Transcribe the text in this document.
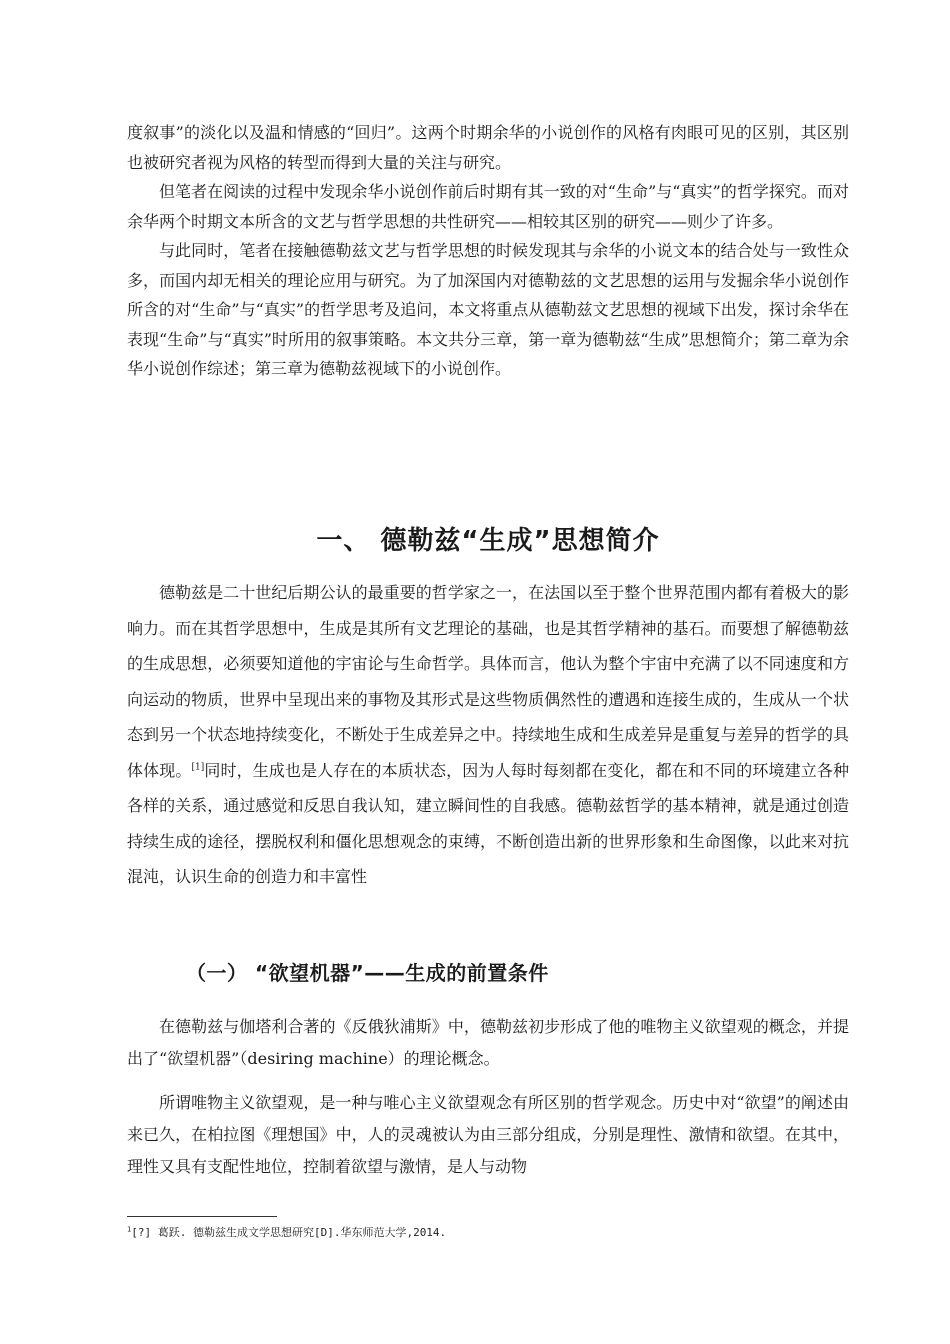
度叙事”的淡化以及温和情感的“回归”。这两个时期余华的小说创作的风格有肉眼可见的区别，其区别也被研究者视为风格的转型而得到大量的关注与研究。

但笔者在阅读的过程中发现余华小说创作前后时期有其一致的对“生命”与“真实”的哲学探究。而对余华两个时期文本所含的文艺与哲学思想的共性研究——相较其区别的研究——则少了许多。

与此同时，笔者在接触德勒兹文艺与哲学思想的时候发现其与余华的小说文本的结合处与一致性众多，而国内却无相关的理论应用与研究。为了加深国内对德勒兹的文艺思想的运用与发掘余华小说创作所含的对“生命”与“真实”的哲学思考及追问，本文将重点从德勒兹文艺思想的视域下出发，探讨余华在表现“生命”与“真实”时所用的叙事策略。本文共分三章，第一章为德勒兹“生成”思想简介；第二章为余华小说创作综述；第三章为德勒兹视域下的小说创作。

一、 德勒兹“生成”思想简介

德勒兹是二十世纪后期公认的最重要的哲学家之一，在法国以至于整个世界范围内都有着极大的影响力。而在其哲学思想中，生成是其所有文艺理论的基础，也是其哲学精神的基石。而要想了解德勒兹的生成思想，必须要知道他的宇宙论与生命哲学。具体而言，他认为整个宇宙中充满了以不同速度和方向运动的物质，世界中呈现出来的事物及其形式是这些物质偶然性的遭遇和连接生成的，生成从一个状态到另一个状态地持续变化，不断处于生成差异之中。持续地生成和生成差异是重复与差异的哲学的具体体现。[1]同时，生成也是人存在的本质状态，因为人每时每刻都在变化，都在和不同的环境建立各种各样的关系，通过感觉和反思自我认知，建立瞬间性的自我感。德勒兹哲学的基本精神，就是通过创造持续生成的途径，摆脱权利和僵化思想观念的束缚，不断创造出新的世界形象和生命图像，以此来对抗混沌，认识生命的创造力和丰富性

（一） “欲望机器”——生成的前置条件

在德勒兹与伽塔利合著的《反俄狄浦斯》中，德勒兹初步形成了他的唯物主义欲望观的概念，并提出了“欲望机器”（desiring machine）的理论概念。

所谓唯物主义欲望观，是一种与唯心主义欲望观念有所区别的哲学观念。历史中对“欲望”的阐述由来已久，在柏拉图《理想国》中，人的灵魂被认为由三部分组成，分别是理性、激情和欲望。在其中，理性又具有支配性地位，控制着欲望与激情，是人与动物

$^1$[?] 葛跃. 德勒兹生成文学思想研究[D].华东师范大学,2014.
